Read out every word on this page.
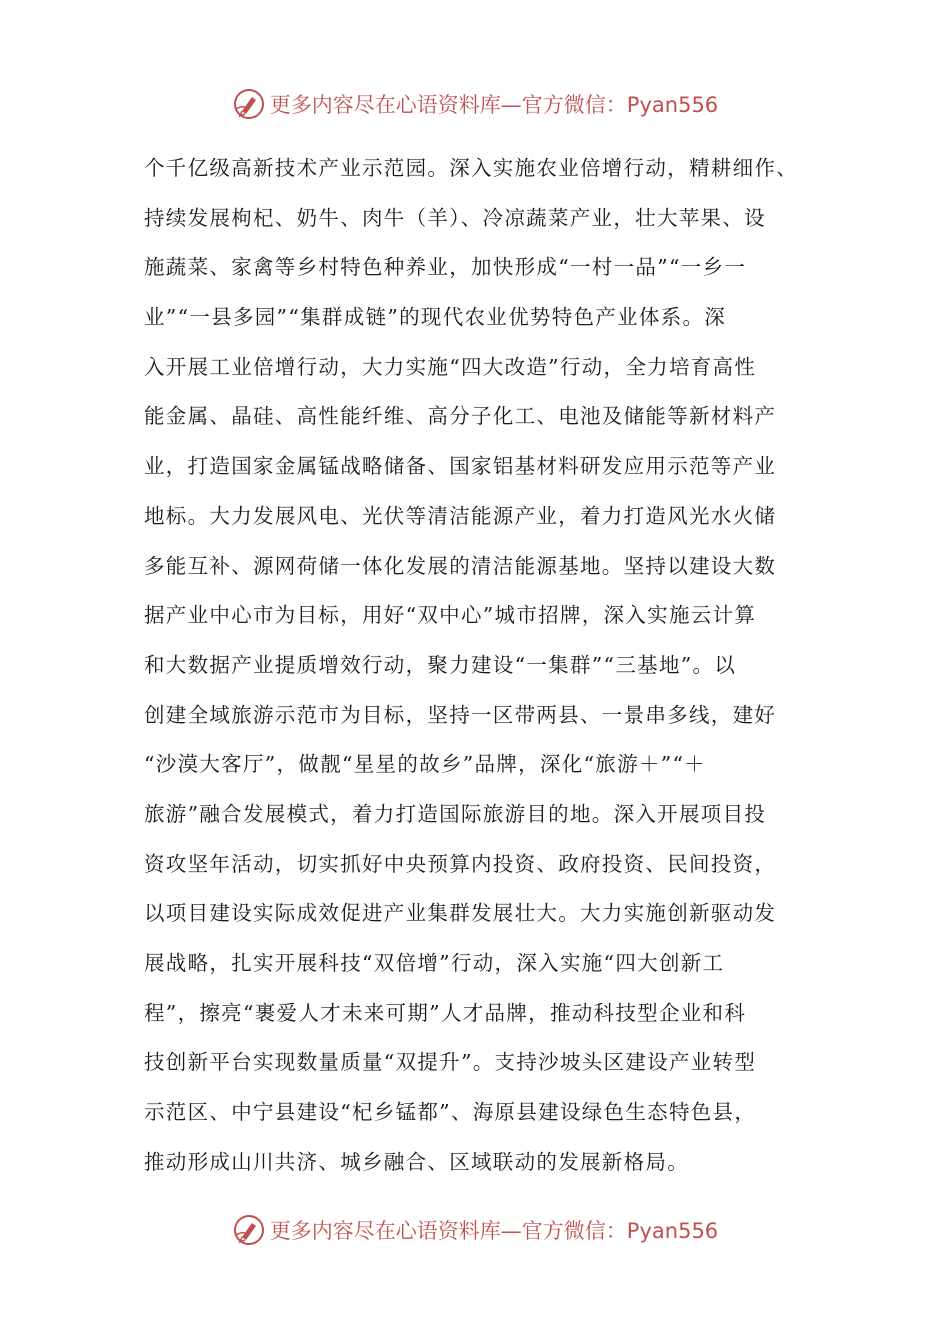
更多内容尽在心语资料库—官方微信：Pyan556
个千亿级高新技术产业示范园。深入实施农业倍增行动，精耕细作、
持续发展枸杞、奶牛、肉牛（羊）、冷凉蔬菜产业，壮大苹果、设
施蔬菜、家禽等乡村特色种养业，加快形成“一村一品”“一乡一
业”“一县多园”“集群成链”的现代农业优势特色产业体系。深
入开展工业倍增行动，大力实施“四大改造”行动，全力培育高性
能金属、晶硅、高性能纤维、高分子化工、电池及储能等新材料产
业，打造国家金属锰战略储备、国家铝基材料研发应用示范等产业
地标。大力发展风电、光伏等清洁能源产业，着力打造风光水火储
多能互补、源网荷储一体化发展的清洁能源基地。坚持以建设大数
据产业中心市为目标，用好“双中心”城市招牌，深入实施云计算
和大数据产业提质增效行动，聚力建设“一集群”“三基地”。以
创建全域旅游示范市为目标，坚持一区带两县、一景串多线，建好
“沙漠大客厅”，做靓“星星的故乡”品牌，深化“旅游＋”“＋
旅游”融合发展模式，着力打造国际旅游目的地。深入开展项目投
资攻坚年活动，切实抓好中央预算内投资、政府投资、民间投资，
以项目建设实际成效促进产业集群发展壮大。大力实施创新驱动发
展战略，扎实开展科技“双倍增”行动，深入实施“四大创新工
程”，擦亮“裹爱人才未来可期”人才品牌，推动科技型企业和科
技创新平台实现数量质量“双提升”。支持沙坡头区建设产业转型
示范区、中宁县建设“杞乡锰都”、海原县建设绿色生态特色县，
推动形成山川共济、城乡融合、区域联动的发展新格局。
更多内容尽在心语资料库—官方微信：Pyan556
